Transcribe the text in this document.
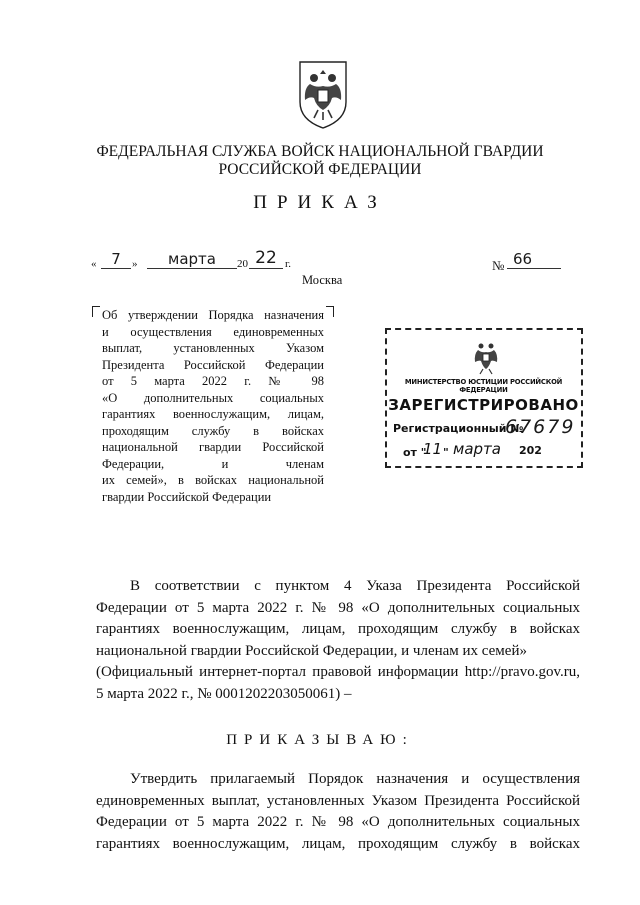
ФЕДЕРАЛЬНАЯ СЛУЖБА ВОЙСК НАЦИОНАЛЬНОЙ ГВАРДИИ
РОССИЙСКОЙ ФЕДЕРАЦИИ
ПРИКАЗ
« 7	»	марта	20 22 г.	№ 66
Москва
Об утверждении Порядка назначения
и осуществления единовременных
выплат, установленных Указом
Президента Российской Федерации
от 5 марта 2022 г. № 98
«О дополнительных социальных
гарантиях военнослужащим, лицам,
проходящим службу в войсках
национальной гвардии Российской
Федерации, и членам
их семей», в войсках национальной
гвардии Российской Федерации
МИНИСТЕРСТВО ЮСТИЦИИ РОССИЙСКОЙ ФЕДЕРАЦИИ
ЗАРЕГИСТРИРОВАНО
Регистрационный №
67679
от "
11 " марта 202
В соответствии с пунктом 4 Указа Президента Российской
Федерации от 5 марта 2022 г. № 98 «О дополнительных социальных
гарантиях военнослужащим, лицам, проходящим службу в войсках
национальной гвардии Российской Федерации, и членам их семей»
(Официальный интернет-портал правовой информации http://pravo.gov.ru,
5 марта 2022 г., № 0001202203050061) –
ПРИКАЗЫВАЮ:
Утвердить прилагаемый Порядок назначения и осуществления
единовременных выплат, установленных Указом Президента Российской
Федерации от 5 марта 2022 г. № 98 «О дополнительных социальных
гарантиях военнослужащим, лицам, проходящим службу в войсках
